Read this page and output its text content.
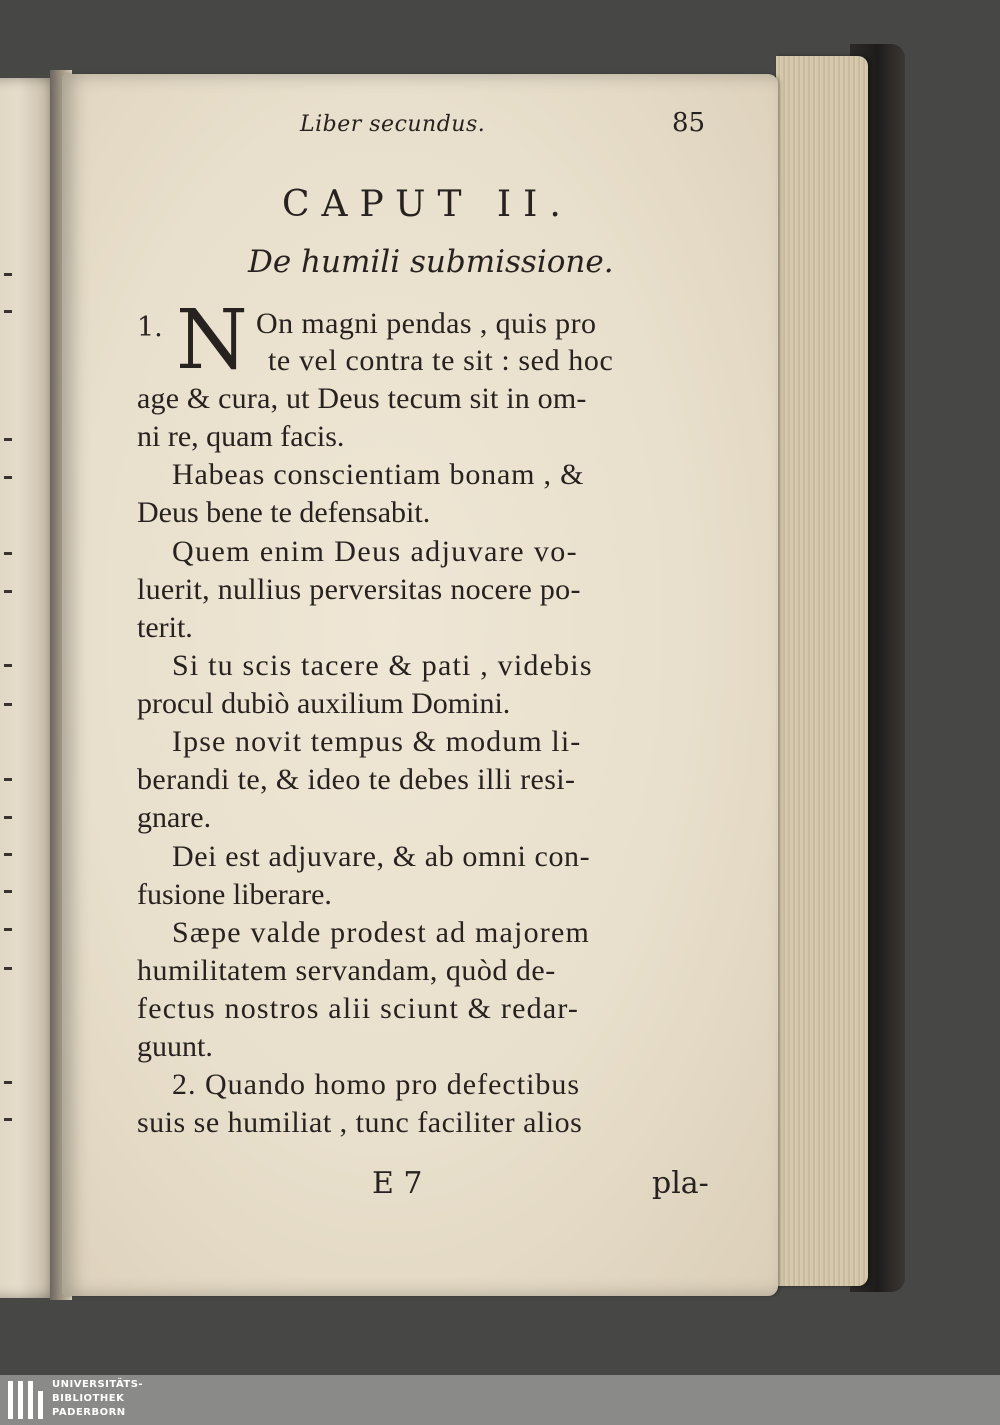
Liber secundus.	85
CAPUT II.
De humili submissione.
1. N On magni pendas , quis pro
te vel contra te sit : sed hoc
age & cura, ut Deus tecum sit in om-
ni re, quam facis.
Habeas conscientiam bonam , &
Deus bene te defensabit.
Quem enim Deus adjuvare vo-
luerit, nullius perversitas nocere po-
terit.
Si tu scis tacere & pati , videbis
procul dubiò auxilium Domini.
Ipse novit tempus & modum li-
berandi te, & ideo te debes illi resi-
gnare.
Dei est adjuvare, & ab omni con-
fusione liberare.
Sæpe valde prodest ad majorem
humilitatem servandam, quòd de-
fectus nostros alii sciunt & redar-
guunt.
2. Quando homo pro defectibus
suis se humiliat , tunc faciliter alios
E 7	pla-
UNIVERSITÄTS-
BIBLIOTHEK
PADERBORN
